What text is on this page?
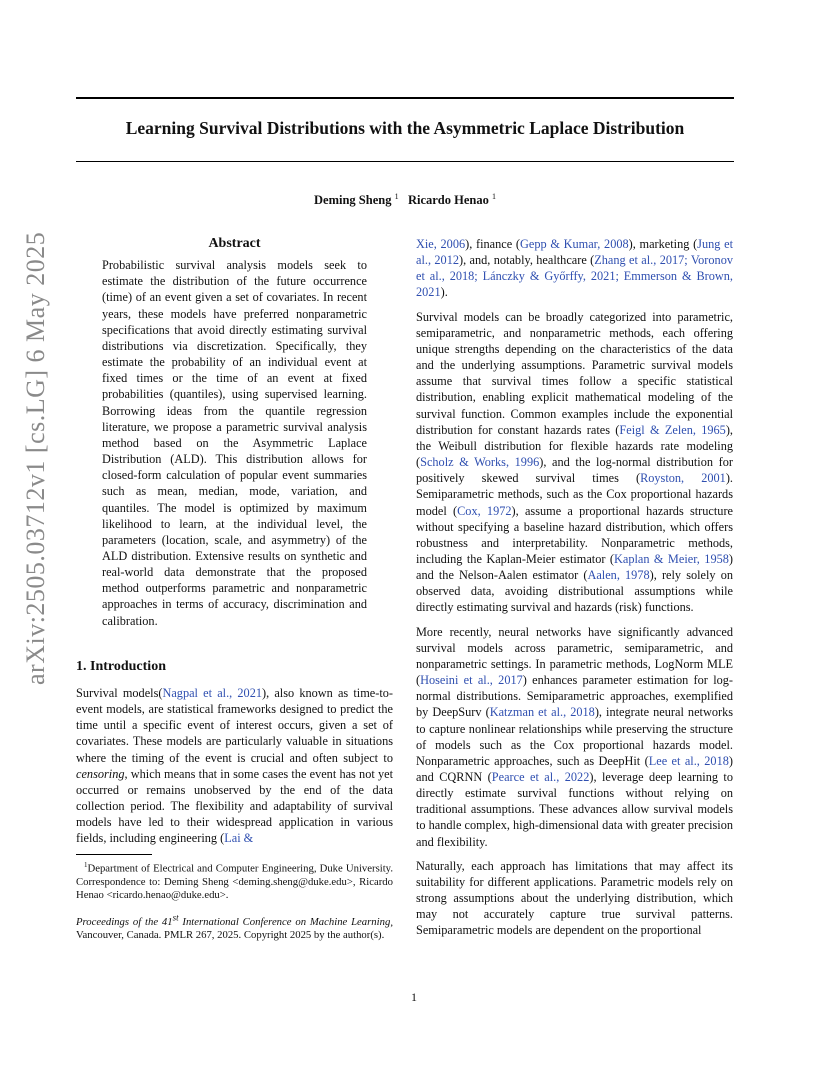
Learning Survival Distributions with the Asymmetric Laplace Distribution
Deming Sheng $^1$ Ricardo Henao $^1$
arXiv:2505.03712v1 [cs.LG] 6 May 2025	Abstract
Probabilistic survival analysis models seek to estimate the distribution of the future occurrence (time) of an event given a set of covariates. In recent years, these models have preferred nonparametric specifications that avoid directly estimating survival distributions via discretization. Specifically, they estimate the probability of an individual event at fixed times or the time of an event at fixed probabilities (quantiles), using supervised learning. Borrowing ideas from the quantile regression literature, we propose a parametric survival analysis method based on the Asymmetric Laplace Distribution (ALD). This distribution allows for closed-form calculation of popular event summaries such as mean, median, mode, variation, and quantiles. The model is optimized by maximum likelihood to learn, at the individual level, the parameters (location, scale, and asymmetry) of the ALD distribution. Extensive results on synthetic and real-world data demonstrate that the proposed method outperforms parametric and nonparametric approaches in terms of accuracy, discrimination and calibration.
1. Introduction

Survival models(Nagpal et al., 2021), also known as time-to-event models, are statistical frameworks designed to predict the time until a specific event of interest occurs, given a set of covariates. These models are particularly valuable in situations where the timing of the event is crucial and often subject to censoring, which means that in some cases the event has not yet occurred or remains unobserved by the end of the data collection period. The flexibility and adaptability of survival models have led to their widespread application in various fields, including engineering (Lai &

$^1$Department of Electrical and Computer Engineering, Duke University. Correspondence to: Deming Sheng <deming.sheng@duke.edu>, Ricardo Henao <ricardo.henao@duke.edu>.
Proceedings of the 41st International Conference on Machine Learning, Vancouver, Canada. PMLR 267, 2025. Copyright 2025 by the author(s).

Xie, 2006), finance (Gepp & Kumar, 2008), marketing (Jung et al., 2012), and, notably, healthcare (Zhang et al., 2017; Voronov et al., 2018; Lánczky & Győrffy, 2021; Emmerson & Brown, 2021).

Survival models can be broadly categorized into parametric, semiparametric, and nonparametric methods, each offering unique strengths depending on the characteristics of the data and the underlying assumptions. Parametric survival models assume that survival times follow a specific statistical distribution, enabling explicit mathematical modeling of the survival function. Common examples include the exponential distribution for constant hazards rates (Feigl & Zelen, 1965), the Weibull distribution for flexible hazards rate modeling (Scholz & Works, 1996), and the log-normal distribution for positively skewed survival times (Royston, 2001). Semiparametric methods, such as the Cox proportional hazards model (Cox, 1972), assume a proportional hazards structure without specifying a baseline hazard distribution, which offers robustness and interpretability. Nonparametric methods, including the Kaplan-Meier estimator (Kaplan & Meier, 1958) and the Nelson-Aalen estimator (Aalen, 1978), rely solely on observed data, avoiding distributional assumptions while directly estimating survival and hazards (risk) functions.

More recently, neural networks have significantly advanced survival models across parametric, semiparametric, and nonparametric settings. In parametric methods, LogNorm MLE (Hoseini et al., 2017) enhances parameter estimation for log-normal distributions. Semiparametric approaches, exemplified by DeepSurv (Katzman et al., 2018), integrate neural networks to capture nonlinear relationships while preserving the structure of models such as the Cox proportional hazards model. Nonparametric approaches, such as DeepHit (Lee et al., 2018) and CQRNN (Pearce et al., 2022), leverage deep learning to directly estimate survival functions without relying on traditional assumptions. These advances allow survival models to handle complex, high-dimensional data with greater precision and flexibility.

Naturally, each approach has limitations that may affect its suitability for different applications. Parametric models rely on strong assumptions about the underlying distribution, which may not accurately capture true survival patterns. Semiparametric models are dependent on the proportional

1
